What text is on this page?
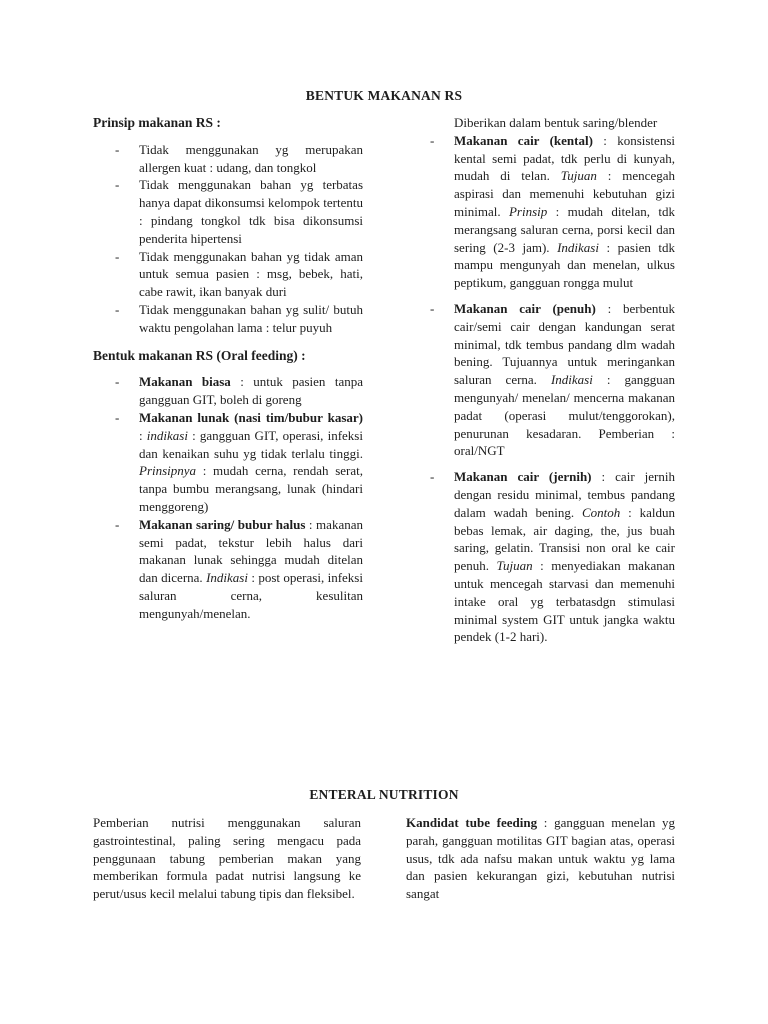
BENTUK MAKANAN RS

Prinsip makanan RS :

- Tidak menggunakan yg merupakan allergen kuat : udang, dan tongkol
- Tidak menggunakan bahan yg terbatas hanya dapat dikonsumsi kelompok tertentu : pindang tongkol tdk bisa dikonsumsi penderita hipertensi
- Tidak menggunakan bahan yg tidak aman untuk semua pasien : msg, bebek, hati, cabe rawit, ikan banyak duri
- Tidak menggunakan bahan yg sulit/ butuh waktu pengolahan lama : telur puyuh

Bentuk makanan RS (Oral feeding) :

- Makanan biasa : untuk pasien tanpa gangguan GIT, boleh di goreng
- Makanan lunak (nasi tim/bubur kasar) : indikasi : gangguan GIT, operasi, infeksi dan kenaikan suhu yg tidak terlalu tinggi. Prinsipnya : mudah cerna, rendah serat, tanpa bumbu merangsang, lunak (hindari menggoreng)
- Makanan saring/ bubur halus : makanan semi padat, tekstur lebih halus dari makanan lunak sehingga mudah ditelan dan dicerna. Indikasi : post operasi, infeksi saluran cerna, kesulitan mengunyah/menelan.

Diberikan dalam bentuk saring/blender

- Makanan cair (kental) : konsistensi kental semi padat, tdk perlu di kunyah, mudah di telan. Tujuan : mencegah aspirasi dan memenuhi kebutuhan gizi minimal. Prinsip : mudah ditelan, tdk merangsang saluran cerna, porsi kecil dan sering (2-3 jam). Indikasi : pasien tdk mampu mengunyah dan menelan, ulkus peptikum, gangguan rongga mulut
- Makanan cair (penuh) : berbentuk cair/semi cair dengan kandungan serat minimal, tdk tembus pandang dlm wadah bening. Tujuannya untuk meringankan saluran cerna. Indikasi : gangguan mengunyah/ menelan/ mencerna makanan padat (operasi mulut/tenggorokan), penurunan kesadaran. Pemberian : oral/NGT
- Makanan cair (jernih) : cair jernih dengan residu minimal, tembus pandang dalam wadah bening. Contoh : kaldun bebas lemak, air daging, the, jus buah saring, gelatin. Transisi non oral ke cair penuh. Tujuan : menyediakan makanan untuk mencegah starvasi dan memenuhi intake oral yg terbatasdgn stimulasi minimal system GIT untuk jangka waktu pendek (1-2 hari).
ENTERAL NUTRITION

Pemberian nutrisi menggunakan saluran gastrointestinal, paling sering mengacu pada penggunaan tabung pemberian makan yang memberikan formula padat nutrisi langsung ke perut/usus kecil melalui tabung tipis dan fleksibel.

Kandidat tube feeding : gangguan menelan yg parah, gangguan motilitas GIT bagian atas, operasi usus, tdk ada nafsu makan untuk waktu yg lama dan pasien kekurangan gizi, kebutuhan nutrisi sangat
